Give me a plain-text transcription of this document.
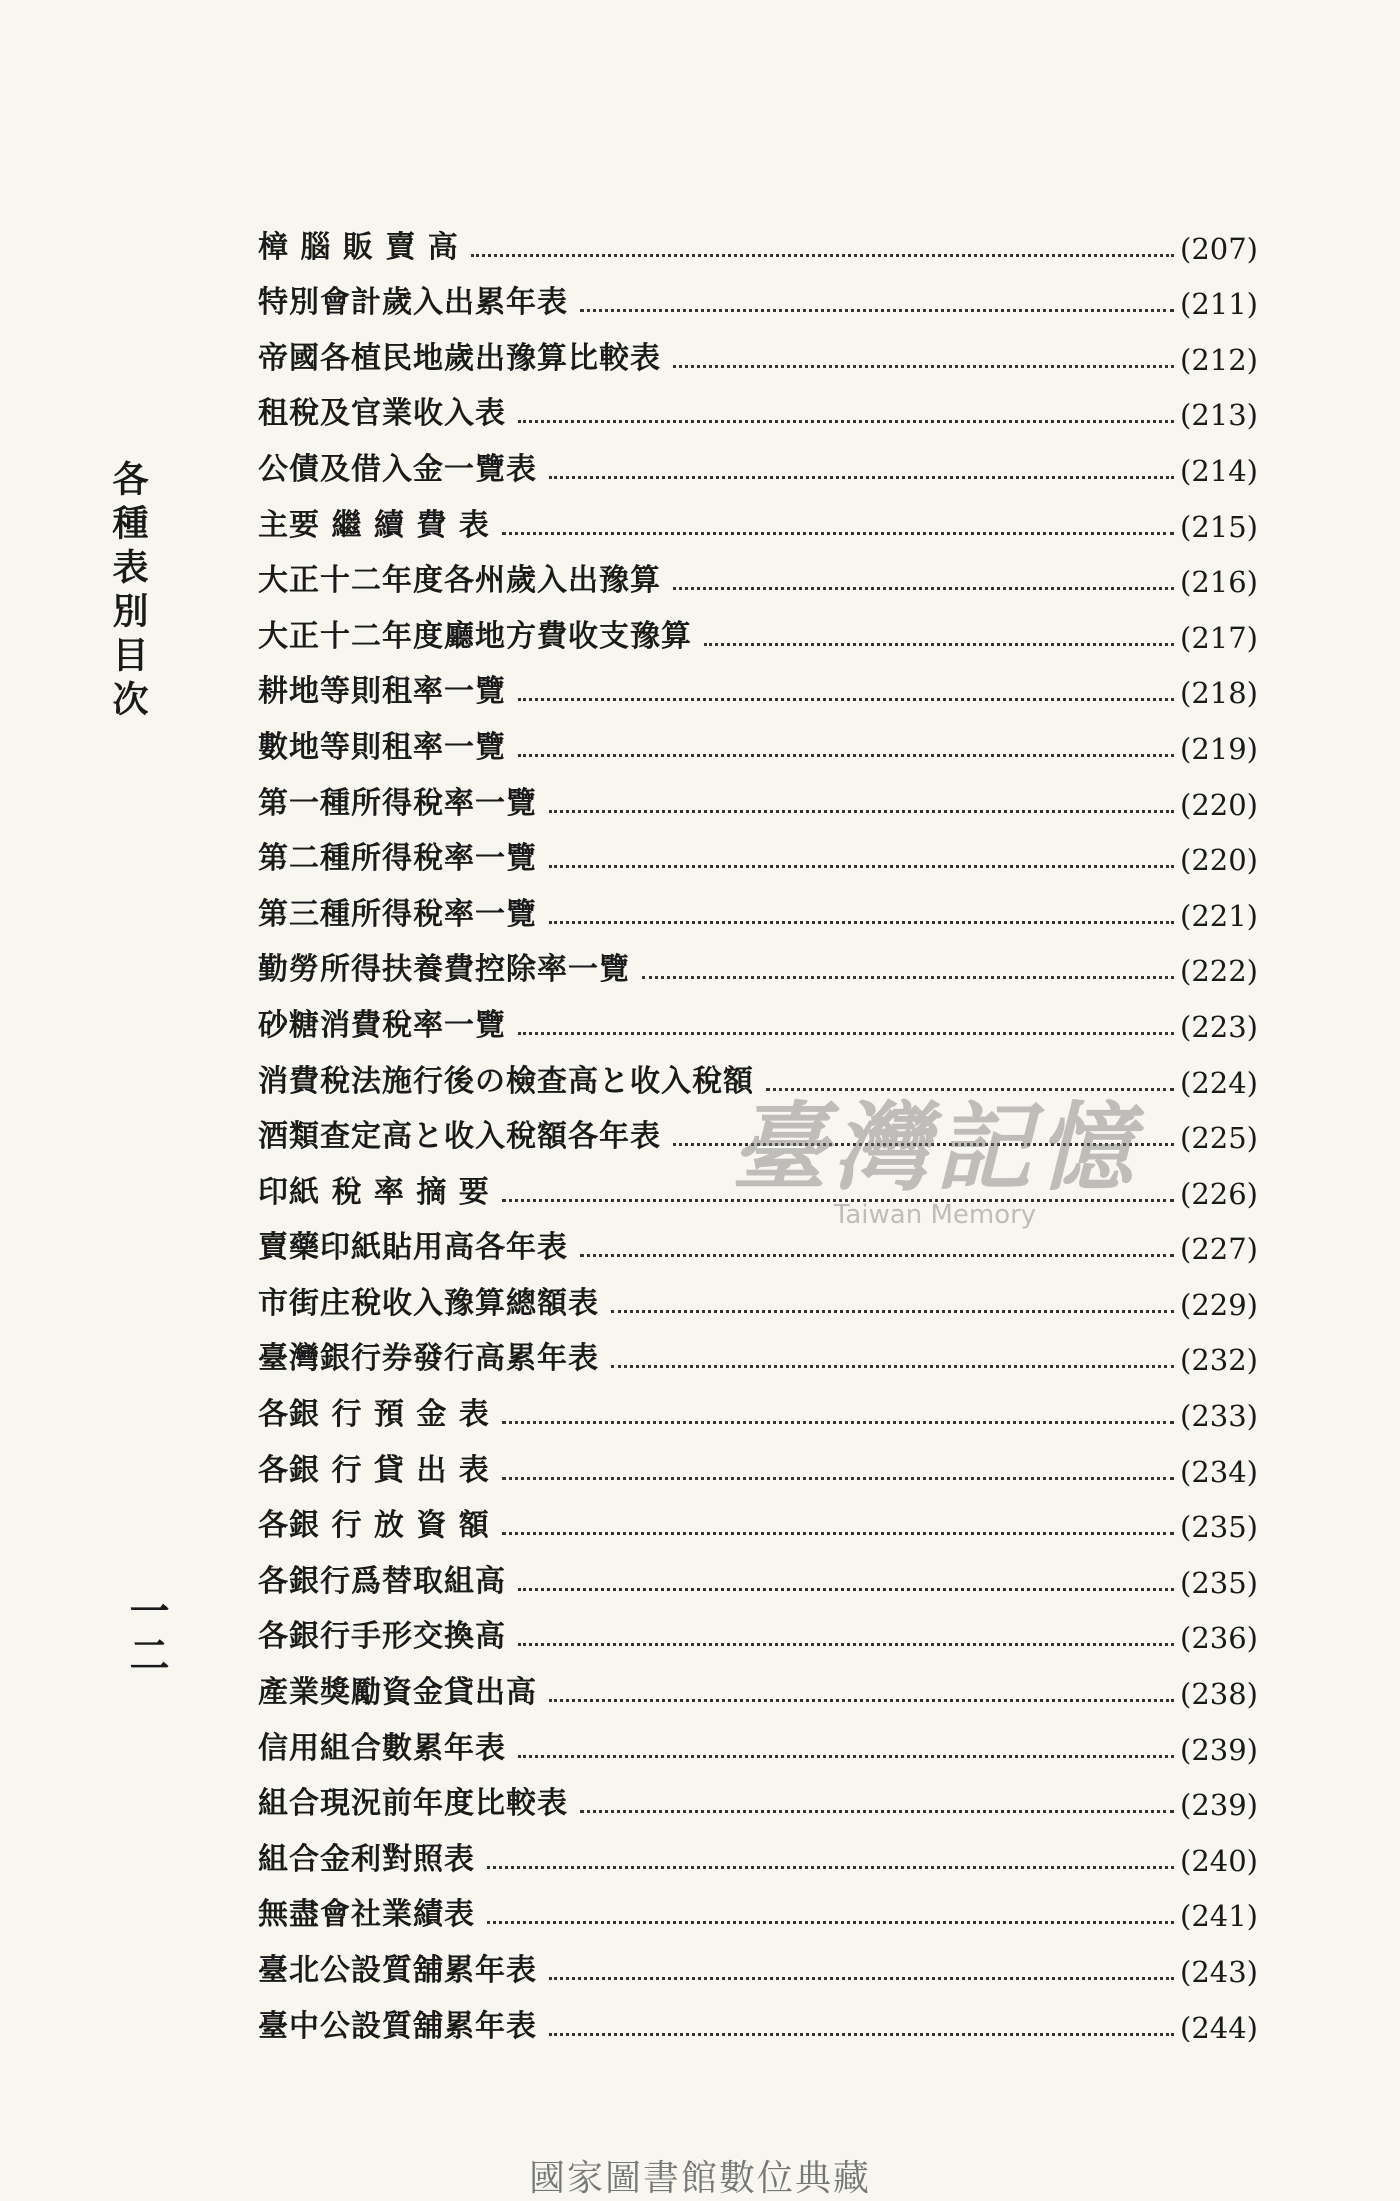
各種表別目次
一二
樟 腦 販 賣 高	(207)
特別會計歲入出累年表	(211)
帝國各植民地歲出豫算比較表	(212)
租稅及官業收入表	(213)
公債及借入金一覽表	(214)
主要 繼 續 費 表	(215)
大正十二年度各州歲入出豫算	(216)
大正十二年度廳地方費收支豫算	(217)
耕地等則租率一覽	(218)
數地等則租率一覽	(219)
第一種所得稅率一覽	(220)
第二種所得稅率一覽	(220)
第三種所得稅率一覽	(221)
勤勞所得扶養費控除率一覽	(222)
砂糖消費稅率一覽	(223)
消費稅法施行後の檢查高と收入稅額	(224)
酒類查定高と收入稅額各年表	(225)
印紙 稅 率 摘 要	(226)
賣藥印紙貼用高各年表	(227)
市街庄稅收入豫算總額表	(229)
臺灣銀行券發行高累年表	(232)
各銀 行 預 金 表	(233)
各銀 行 貸 出 表	(234)
各銀 行 放 資 額	(235)
各銀行爲替取組高	(235)
各銀行手形交換高	(236)
產業獎勵資金貸出高	(238)
信用組合數累年表	(239)
組合現況前年度比較表	(239)
組合金利對照表	(240)
無盡會社業績表	(241)
臺北公設質舖累年表	(243)
臺中公設質舖累年表	(244)
臺灣記憶
Taiwan Memory
國家圖書館數位典藏
